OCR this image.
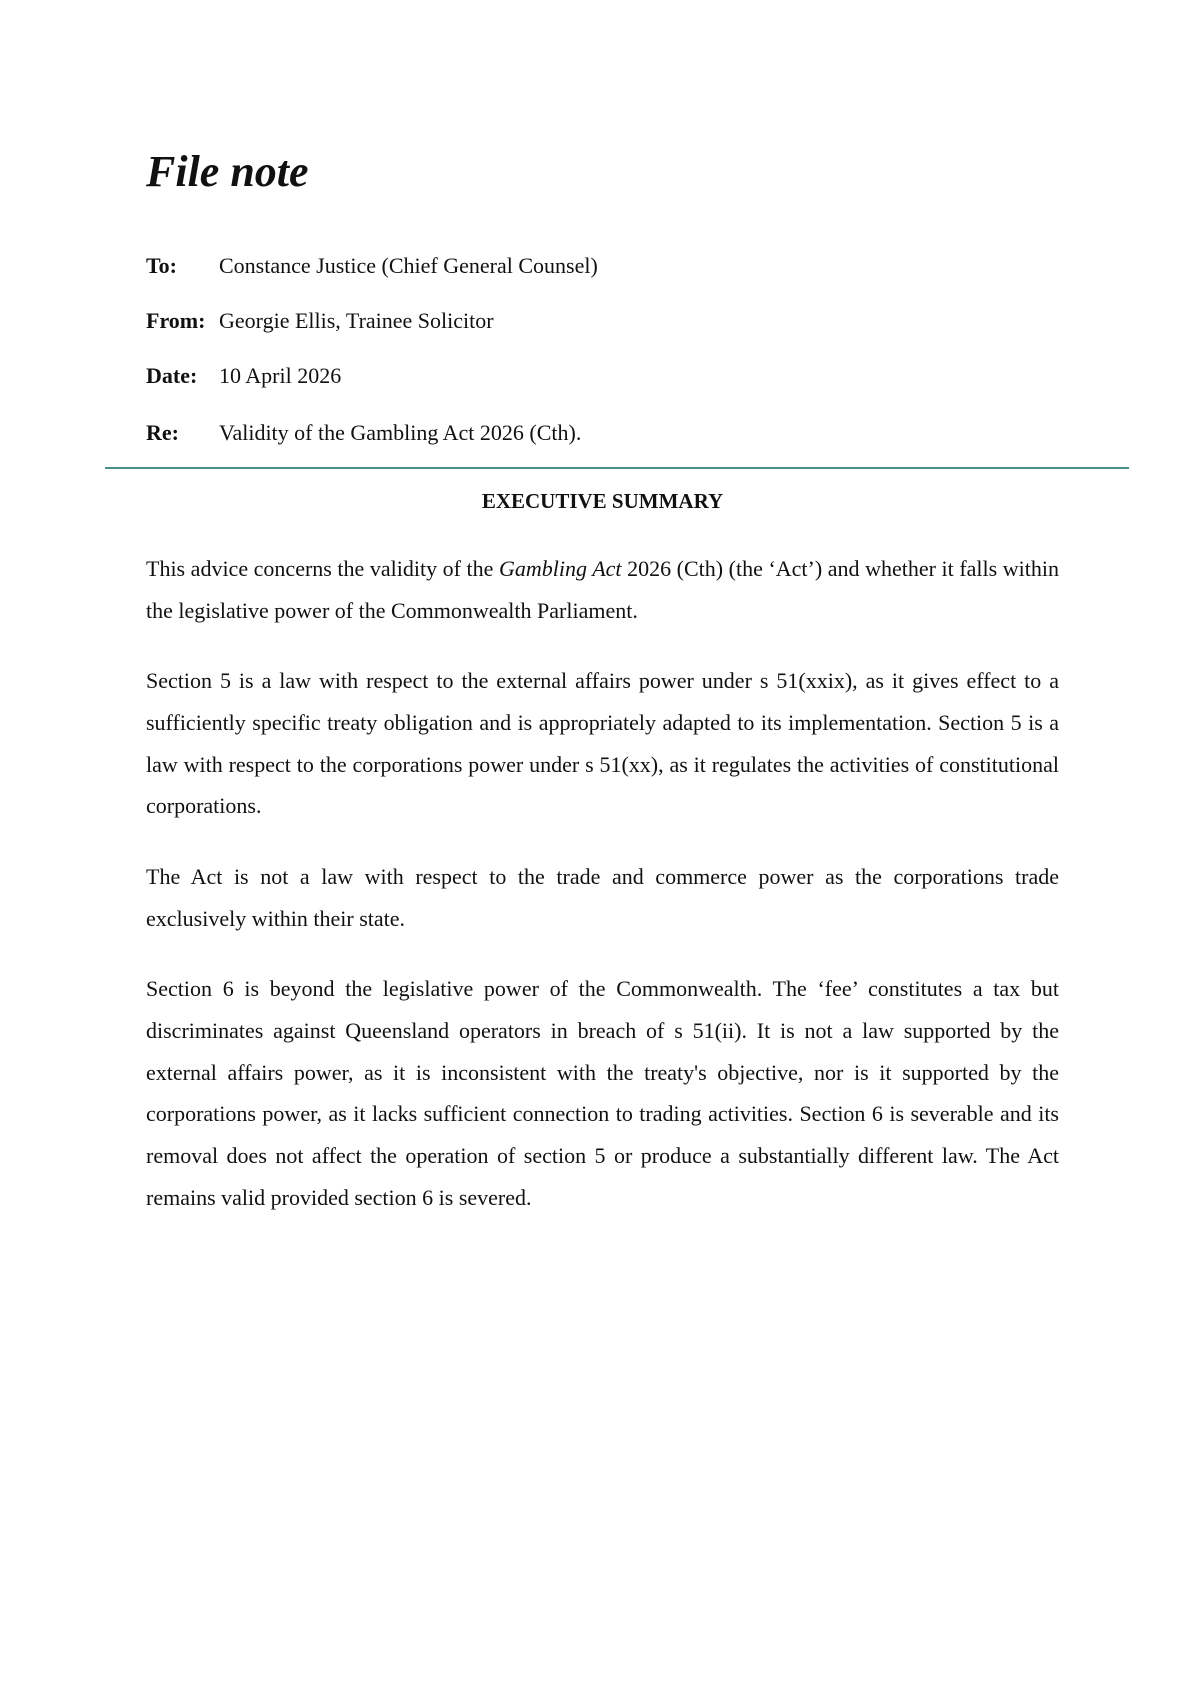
File note
To: Constance Justice (Chief General Counsel)
From: Georgie Ellis, Trainee Solicitor
Date: 10 April 2026
Re: Validity of the Gambling Act 2026 (Cth).
EXECUTIVE SUMMARY

This advice concerns the validity of the Gambling Act 2026 (Cth) (the ‘Act’) and whether it falls within the legislative power of the Commonwealth Parliament.

Section 5 is a law with respect to the external affairs power under s 51(xxix), as it gives effect to a sufficiently specific treaty obligation and is appropriately adapted to its implementation. Section 5 is a law with respect to the corporations power under s 51(xx), as it regulates the activities of constitutional corporations.

The Act is not a law with respect to the trade and commerce power as the corporations trade exclusively within their state.

Section 6 is beyond the legislative power of the Commonwealth. The ‘fee’ constitutes a tax but discriminates against Queensland operators in breach of s 51(ii). It is not a law supported by the external affairs power, as it is inconsistent with the treaty's objective, nor is it supported by the corporations power, as it lacks sufficient connection to trading activities. Section 6 is severable and its removal does not affect the operation of section 5 or produce a substantially different law. The Act remains valid provided section 6 is severed.
